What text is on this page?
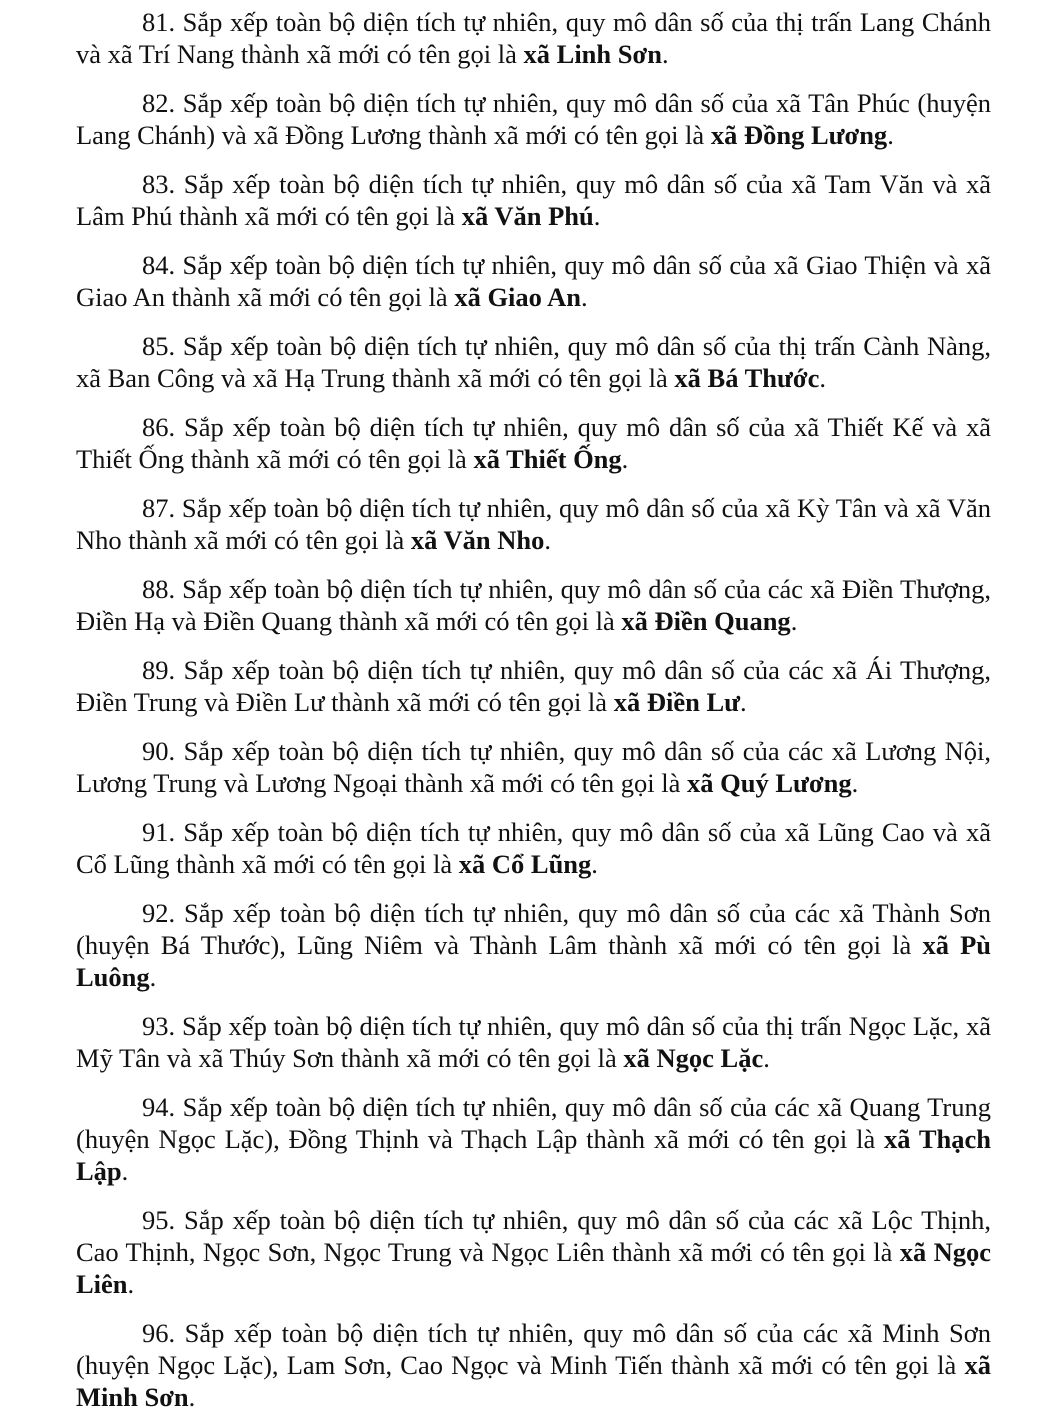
81. Sắp xếp toàn bộ diện tích tự nhiên, quy mô dân số của thị trấn Lang Chánh và xã Trí Nang thành xã mới có tên gọi là xã Linh Sơn.

82. Sắp xếp toàn bộ diện tích tự nhiên, quy mô dân số của xã Tân Phúc (huyện Lang Chánh) và xã Đồng Lương thành xã mới có tên gọi là xã Đồng Lương.

83. Sắp xếp toàn bộ diện tích tự nhiên, quy mô dân số của xã Tam Văn và xã Lâm Phú thành xã mới có tên gọi là xã Văn Phú.

84. Sắp xếp toàn bộ diện tích tự nhiên, quy mô dân số của xã Giao Thiện và xã Giao An thành xã mới có tên gọi là xã Giao An.

85. Sắp xếp toàn bộ diện tích tự nhiên, quy mô dân số của thị trấn Cành Nàng, xã Ban Công và xã Hạ Trung thành xã mới có tên gọi là xã Bá Thước.

86. Sắp xếp toàn bộ diện tích tự nhiên, quy mô dân số của xã Thiết Kế và xã Thiết Ống thành xã mới có tên gọi là xã Thiết Ống.

87. Sắp xếp toàn bộ diện tích tự nhiên, quy mô dân số của xã Kỳ Tân và xã Văn Nho thành xã mới có tên gọi là xã Văn Nho.

88. Sắp xếp toàn bộ diện tích tự nhiên, quy mô dân số của các xã Điền Thượng, Điền Hạ và Điền Quang thành xã mới có tên gọi là xã Điền Quang.

89. Sắp xếp toàn bộ diện tích tự nhiên, quy mô dân số của các xã Ái Thượng, Điền Trung và Điền Lư thành xã mới có tên gọi là xã Điền Lư.

90. Sắp xếp toàn bộ diện tích tự nhiên, quy mô dân số của các xã Lương Nội, Lương Trung và Lương Ngoại thành xã mới có tên gọi là xã Quý Lương.

91. Sắp xếp toàn bộ diện tích tự nhiên, quy mô dân số của xã Lũng Cao và xã Cổ Lũng thành xã mới có tên gọi là xã Cổ Lũng.

92. Sắp xếp toàn bộ diện tích tự nhiên, quy mô dân số của các xã Thành Sơn (huyện Bá Thước), Lũng Niêm và Thành Lâm thành xã mới có tên gọi là xã Pù Luông.

93. Sắp xếp toàn bộ diện tích tự nhiên, quy mô dân số của thị trấn Ngọc Lặc, xã Mỹ Tân và xã Thúy Sơn thành xã mới có tên gọi là xã Ngọc Lặc.

94. Sắp xếp toàn bộ diện tích tự nhiên, quy mô dân số của các xã Quang Trung (huyện Ngọc Lặc), Đồng Thịnh và Thạch Lập thành xã mới có tên gọi là xã Thạch Lập.

95. Sắp xếp toàn bộ diện tích tự nhiên, quy mô dân số của các xã Lộc Thịnh, Cao Thịnh, Ngọc Sơn, Ngọc Trung và Ngọc Liên thành xã mới có tên gọi là xã Ngọc Liên.

96. Sắp xếp toàn bộ diện tích tự nhiên, quy mô dân số của các xã Minh Sơn (huyện Ngọc Lặc), Lam Sơn, Cao Ngọc và Minh Tiến thành xã mới có tên gọi là xã Minh Sơn.
